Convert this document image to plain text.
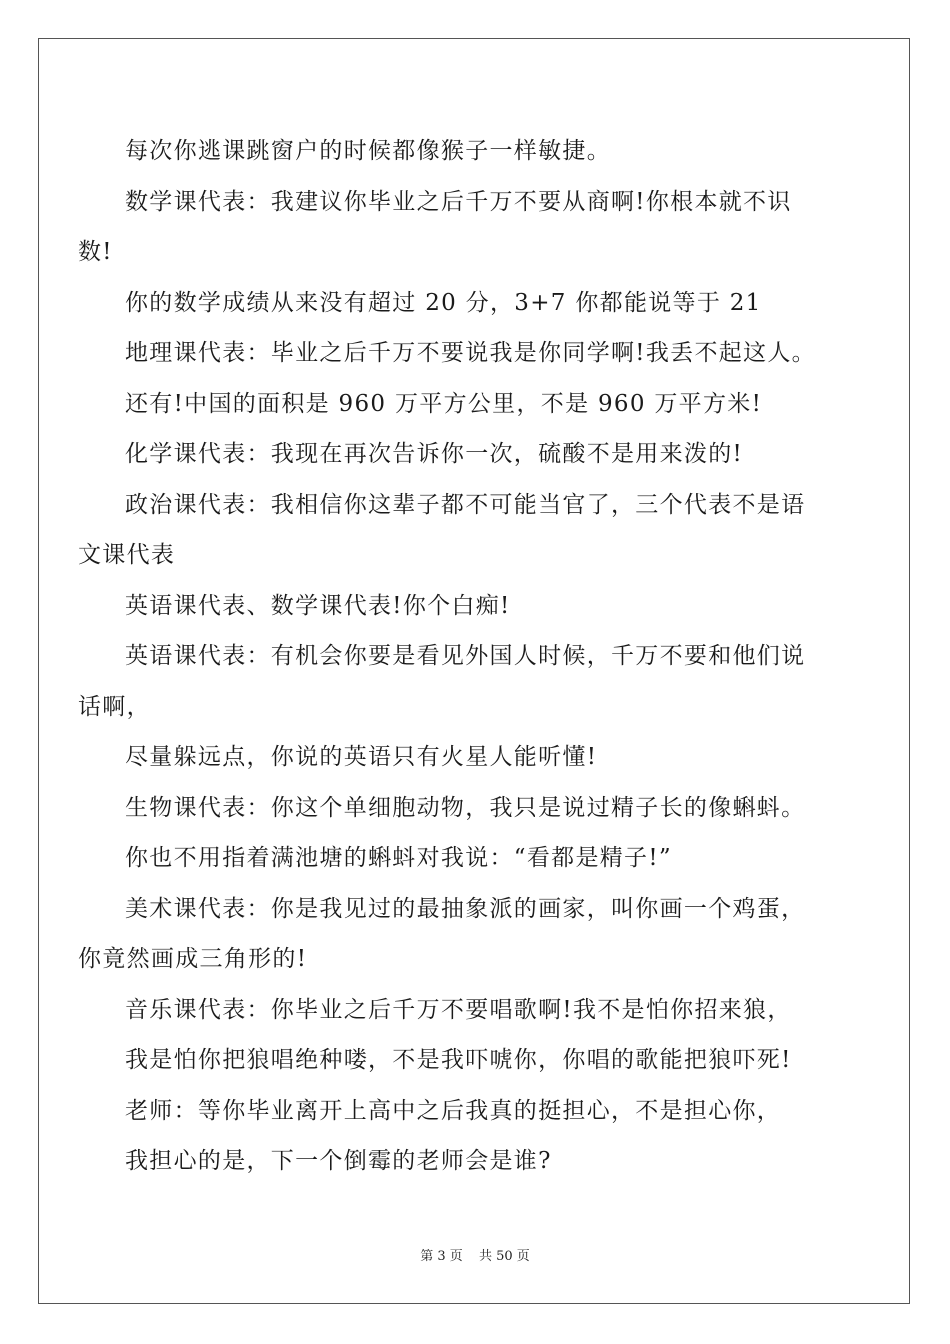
每次你逃课跳窗户的时候都像猴子一样敏捷。
数学课代表：我建议你毕业之后千万不要从商啊!你根本就不识
数!
你的数学成绩从来没有超过 20 分，3+7 你都能说等于 21
地理课代表：毕业之后千万不要说我是你同学啊!我丢不起这人。
还有!中国的面积是 960 万平方公里，不是 960 万平方米!
化学课代表：我现在再次告诉你一次，硫酸不是用来泼的!
政治课代表：我相信你这辈子都不可能当官了，三个代表不是语
文课代表
英语课代表、数学课代表!你个白痴!
英语课代表：有机会你要是看见外国人时候，千万不要和他们说
话啊，
尽量躲远点，你说的英语只有火星人能听懂!
生物课代表：你这个单细胞动物，我只是说过精子长的像蝌蚪。
你也不用指着满池塘的蝌蚪对我说：“看都是精子!”
美术课代表：你是我见过的最抽象派的画家，叫你画一个鸡蛋，
你竟然画成三角形的!
音乐课代表：你毕业之后千万不要唱歌啊!我不是怕你招来狼，
我是怕你把狼唱绝种喽，不是我吓唬你，你唱的歌能把狼吓死!
老师：等你毕业离开上高中之后我真的挺担心，不是担心你，
我担心的是，下一个倒霉的老师会是谁?
第 3 页 共 50 页
